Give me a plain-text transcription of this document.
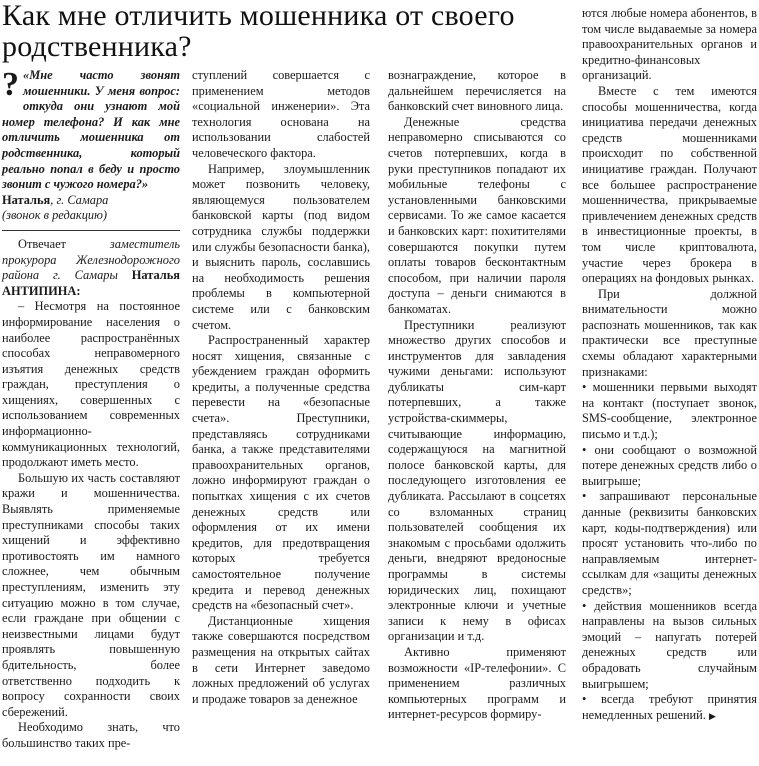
Как мне отличить мошенника от своего родственника?
? «Мне часто звонят мошенники. У меня вопрос: откуда они узнают мой номер телефона? И как мне отличить мошенника от родственника, который реально попал в беду и просто звонит с чужого номера?»

Наталья, г. Самара

(звонок в редакцию)

Отвечает заместитель прокурора Железнодорожного района г. Самары Наталья АНТИПИНА:

– Несмотря на постоянное информирование населения о наиболее распространённых способах неправомерного изъятия денежных средств граждан, преступления о хищениях, совершенных с использованием современных информационно-коммуникационных технологий, продолжают иметь место.

Большую их часть составляют кражи и мошенничества. Выявлять применяемые преступниками способы таких хищений и эффективно противостоять им намного сложнее, чем обычным преступлениям, изменить эту ситуацию можно в том случае, если граждане при общении с неизвестными лицами будут проявлять повышенную бдительность, более ответственно подходить к вопросу сохранности своих сбережений.

Необходимо знать, что большинство таких пре-

ступлений совершается с применением методов «социальной инженерии». Эта технология основана на использовании слабостей человеческого фактора.

Например, злоумышленник может позвонить человеку, являющемуся пользователем банковской карты (под видом сотрудника службы поддержки или службы безопасности банка), и выяснить пароль, сославшись на необходимость решения проблемы в компьютерной системе или с банковским счетом.

Распространенный характер носят хищения, связанные с убеждением граждан оформить кредиты, а полученные средства перевести на «безопасные счета». Преступники, представляясь сотрудниками банка, а также представителями правоохранительных органов, ложно информируют граждан о попытках хищения с их счетов денежных средств или оформления от их имени кредитов, для предотвращения которых требуется самостоятельное получение кредита и перевод денежных средств на «безопасный счет».

Дистанционные хищения также совершаются посредством размещения на открытых сайтах в сети Интернет заведомо ложных предложений об услугах и продаже товаров за денежное

вознаграждение, которое в дальнейшем перечисляется на банковский счет виновного лица.

Денежные средства неправомерно списываются со счетов потерпевших, когда в руки преступников попадают их мобильные телефоны с установленными банковскими сервисами. То же самое касается и банковских карт: похитителями совершаются покупки путем оплаты товаров бесконтактным способом, при наличии пароля доступа – деньги снимаются в банкоматах.

Преступники реализуют множество других способов и инструментов для завладения чужими деньгами: используют дубликаты сим-карт потерпевших, а также устройства-скиммеры, считывающие информацию, содержащуюся на магнитной полосе банковской карты, для последующего изготовления ее дубликата. Рассылают в соцсетях со взломанных страниц пользователей сообщения их знакомым с просьбами одолжить деньги, внедряют вредоносные программы в системы юридических лиц, похищают электронные ключи и учетные записи к нему в офисах организации и т.д.

Активно применяют возможности «IP-телефонии». С применением различных компьютерных программ и интернет-ресурсов формиру-

ются любые номера абонентов, в том числе выдаваемые за номера правоохранительных органов и кредитно-финансовых организаций.

Вместе с тем имеются способы мошенничества, когда инициатива передачи денежных средств мошенниками происходит по собственной инициативе граждан. Получают все большее распространение мошенничества, прикрываемые привлечением денежных средств в инвестиционные проекты, в том числе криптовалюта, участие через брокера в операциях на фондовых рынках.

При должной внимательности можно распознать мошенников, так как практически все преступные схемы обладают характерными признаками:

• мошенники первыми выходят на контакт (поступает звонок, SMS-сообщение, электронное письмо и т.д.);
• они сообщают о возможной потере денежных средств либо о выигрыше;
• запрашивают персональные данные (реквизиты банковских карт, коды-подтверждения) или просят установить что-либо по направляемым интернет-ссылкам для «защиты денежных средств»;
• действия мошенников всегда направлены на вызов сильных эмоций – напугать потерей денежных средств или обрадовать случайным выигрышем;
• всегда требуют принятия немедленных решений. ▶
